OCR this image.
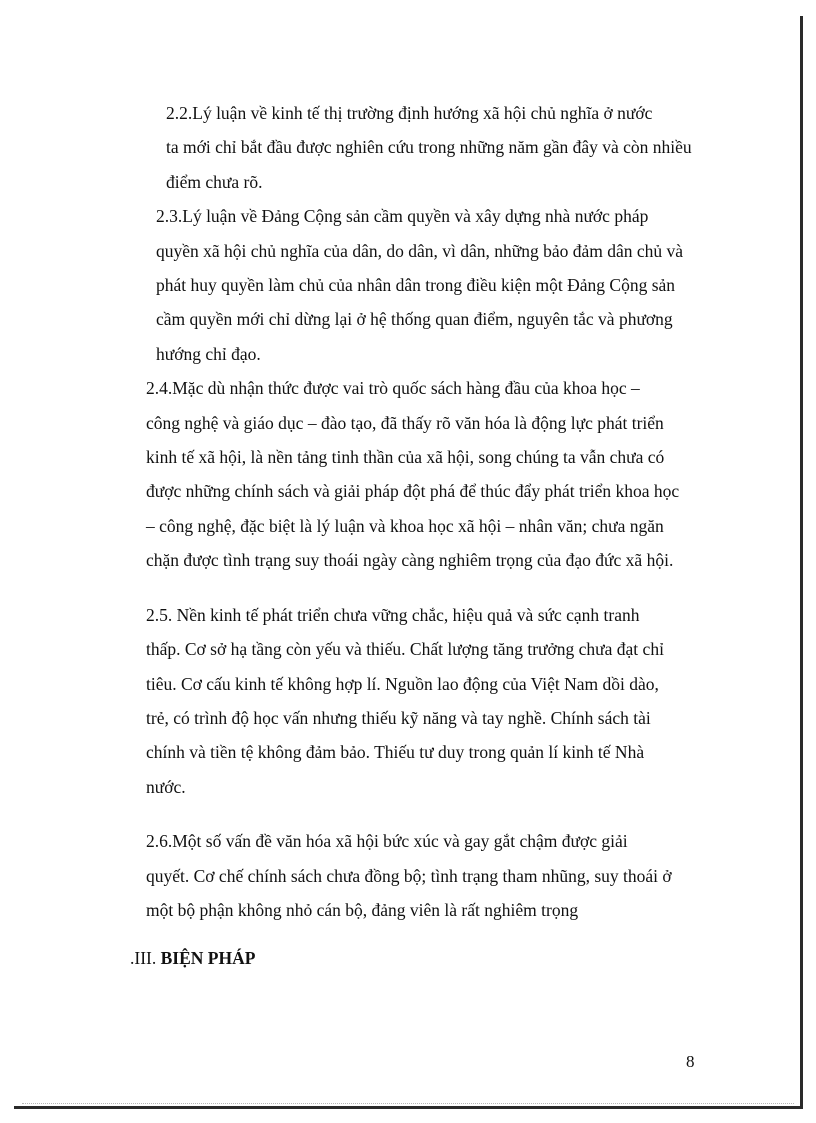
2.2.Lý luận về kinh tế thị trường định hướng xã hội chủ nghĩa ở nước
ta mới chỉ bắt đầu được nghiên cứu trong những năm gần đây và còn nhiều
điểm chưa rõ.

2.3.Lý luận về Đảng Cộng sản cầm quyền và xây dựng nhà nước pháp
quyền xã hội chủ nghĩa của dân, do dân, vì dân, những bảo đảm dân chủ và
phát huy quyền làm chủ của nhân dân trong điều kiện một Đảng Cộng sản
cầm quyền mới chỉ dừng lại ở hệ thống quan điểm, nguyên tắc và phương
hướng chỉ đạo.

2.4.Mặc dù nhận thức được vai trò quốc sách hàng đầu của khoa học –
công nghệ và giáo dục – đào tạo, đã thấy rõ văn hóa là động lực phát triển
kinh tế xã hội, là nền tảng tinh thần của xã hội, song chúng ta vẫn chưa có
được những chính sách và giải pháp đột phá để thúc đẩy phát triển khoa học
– công nghệ, đặc biệt là lý luận và khoa học xã hội – nhân văn; chưa ngăn
chặn được tình trạng suy thoái ngày càng nghiêm trọng của đạo đức xã hội.

2.5. Nền kinh tế phát triển chưa vững chắc, hiệu quả và sức cạnh tranh
thấp. Cơ sở hạ tầng còn yếu và thiếu. Chất lượng tăng trưởng chưa đạt chỉ
tiêu. Cơ cấu kinh tế không hợp lí. Nguồn lao động của Việt Nam dồi dào,
trẻ, có trình độ học vấn nhưng thiếu kỹ năng và tay nghề. Chính sách tài
chính và tiền tệ không đảm bảo. Thiếu tư duy trong quản lí kinh tế Nhà
nước.

2.6.Một số vấn đề văn hóa xã hội bức xúc và gay gắt chậm được giải
quyết. Cơ chế chính sách chưa đồng bộ; tình trạng tham nhũng, suy thoái ở
một bộ phận không nhỏ cán bộ, đảng viên là rất nghiêm trọng

.III. BIỆN PHÁP

8
